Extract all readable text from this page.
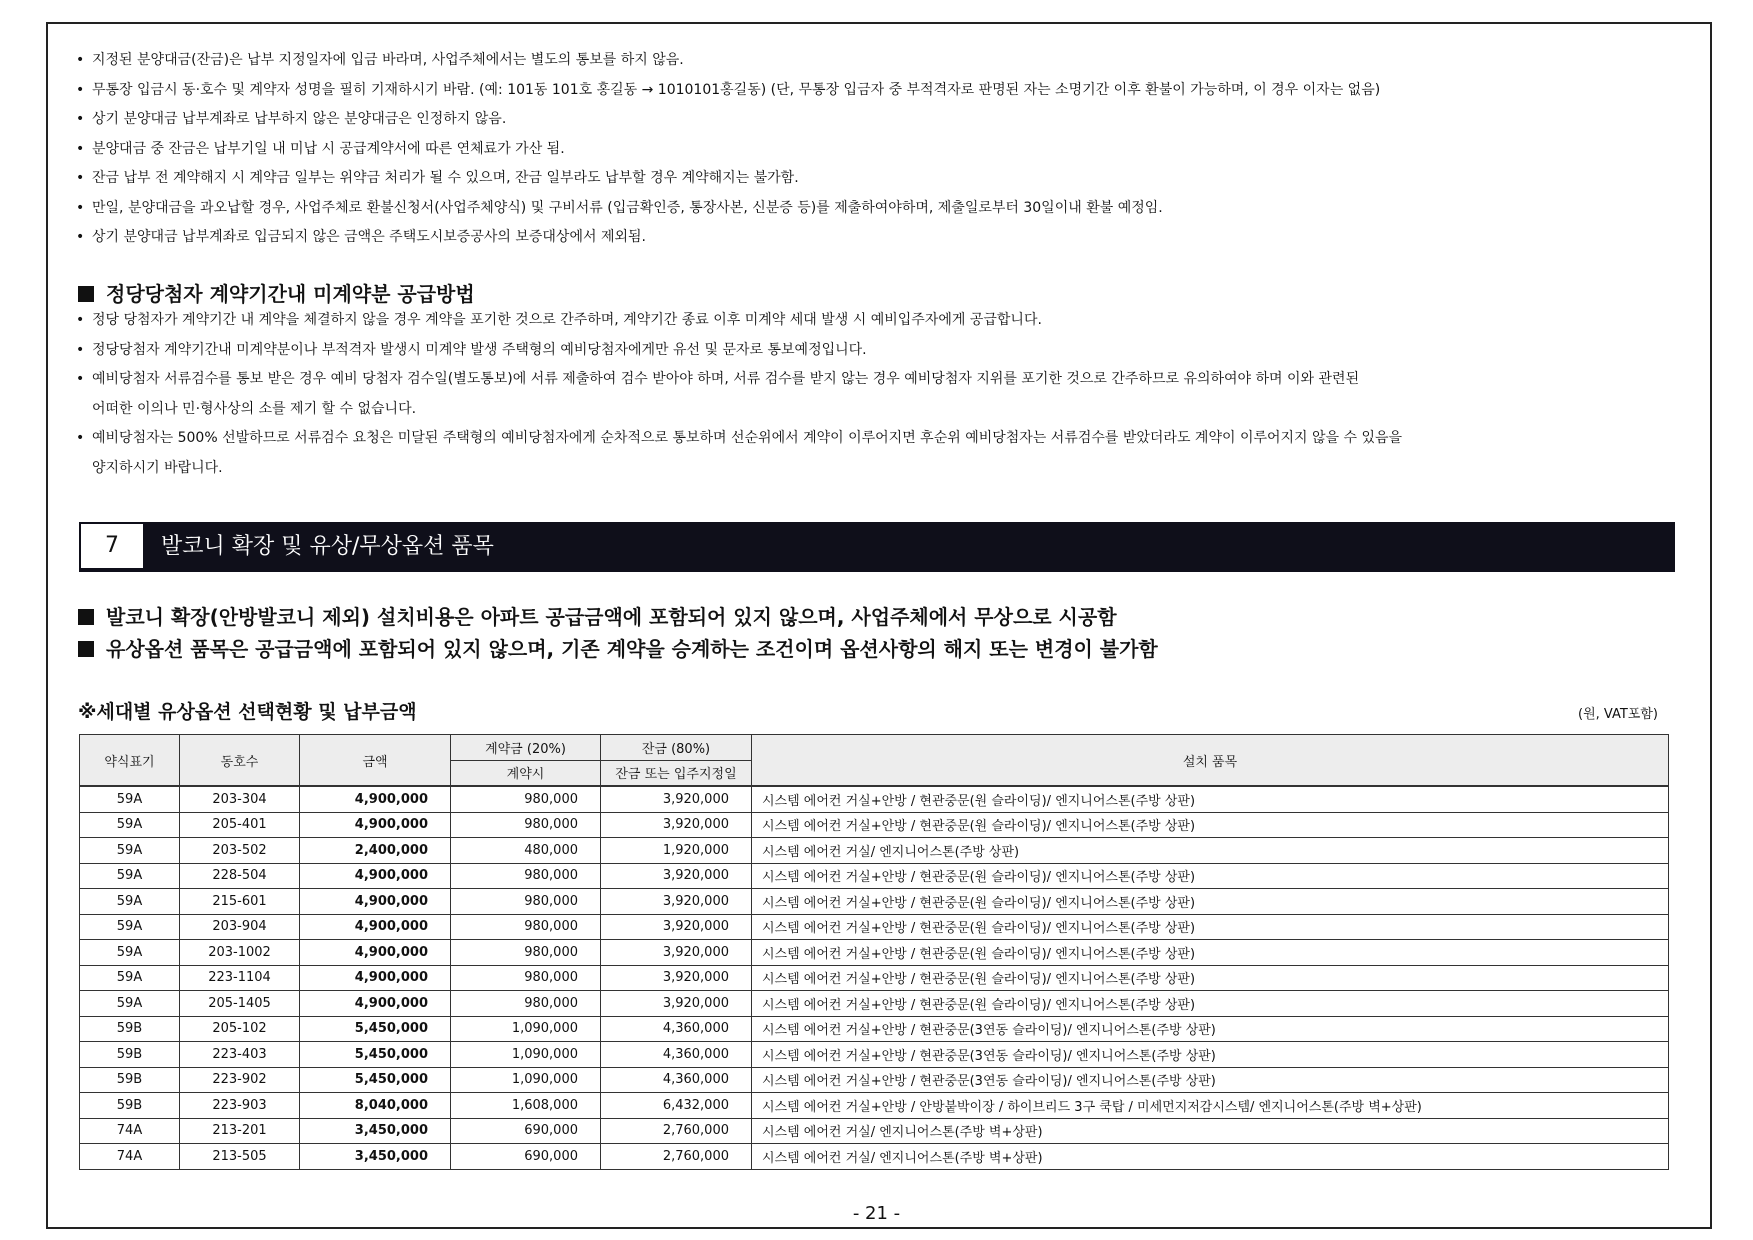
• 지정된 분양대금(잔금)은 납부 지정일자에 입금 바라며, 사업주체에서는 별도의 통보를 하지 않음.
• 무통장 입금시 동·호수 및 계약자 성명을 필히 기재하시기 바람. (예: 101동 101호 홍길동 → 1010101홍길동) (단, 무통장 입금자 중 부적격자로 판명된 자는 소명기간 이후 환불이 가능하며, 이 경우 이자는 없음)
• 상기 분양대금 납부계좌로 납부하지 않은 분양대금은 인정하지 않음.
• 분양대금 중 잔금은 납부기일 내 미납 시 공급계약서에 따른 연체료가 가산 됨.
• 잔금 납부 전 계약해지 시 계약금 일부는 위약금 처리가 될 수 있으며, 잔금 일부라도 납부할 경우 계약해지는 불가함.
• 만일, 분양대금을 과오납할 경우, 사업주체로 환불신청서(사업주체양식) 및 구비서류 (입금확인증, 통장사본, 신분증 등)를 제출하여야하며, 제출일로부터 30일이내 환불 예정임.
• 상기 분양대금 납부계좌로 입금되지 않은 금액은 주택도시보증공사의 보증대상에서 제외됨.
정당당첨자 계약기간내 미계약분 공급방법
• 정당 당첨자가 계약기간 내 계약을 체결하지 않을 경우 계약을 포기한 것으로 간주하며, 계약기간 종료 이후 미계약 세대 발생 시 예비입주자에게 공급합니다.
• 정당당첨자 계약기간내 미계약분이나 부적격자 발생시 미계약 발생 주택형의 예비당첨자에게만 유선 및 문자로 통보예정입니다.
• 예비당첨자 서류검수를 통보 받은 경우 예비 당첨자 검수일(별도통보)에 서류 제출하여 검수 받아야 하며, 서류 검수를 받지 않는 경우 예비당첨자 지위를 포기한 것으로 간주하므로 유의하여야 하며 이와 관련된
어떠한 이의나 민·형사상의 소를 제기 할 수 없습니다.
• 예비당첨자는 500% 선발하므로 서류검수 요청은 미달된 주택형의 예비당첨자에게 순차적으로 통보하며 선순위에서 계약이 이루어지면 후순위 예비당첨자는 서류검수를 받았더라도 계약이 이루어지지 않을 수 있음을
양지하시기 바랍니다.
7	발코니 확장 및 유상/무상옵션 품목
발코니 확장(안방발코니 제외) 설치비용은 아파트 공급금액에 포함되어 있지 않으며, 사업주체에서 무상으로 시공함
유상옵션 품목은 공급금액에 포함되어 있지 않으며, 기존 계약을 승계하는 조건이며 옵션사항의 해지 또는 변경이 불가함
※세대별 유상옵션 선택현황 및 납부금액	(원, VAT포함)
약식표기	동호수	금액	계약금 (20%)	잔금 (80%)	설치 품목
			계약시	잔금 또는 입주지정일	
59A	203-304	4,900,000	980,000	3,920,000	시스템 에어컨 거실+안방 / 현관중문(원 슬라이딩)/ 엔지니어스톤(주방 상판)
59A	205-401	4,900,000	980,000	3,920,000	시스템 에어컨 거실+안방 / 현관중문(원 슬라이딩)/ 엔지니어스톤(주방 상판)
59A	203-502	2,400,000	480,000	1,920,000	시스템 에어컨 거실/ 엔지니어스톤(주방 상판)
59A	228-504	4,900,000	980,000	3,920,000	시스템 에어컨 거실+안방 / 현관중문(원 슬라이딩)/ 엔지니어스톤(주방 상판)
59A	215-601	4,900,000	980,000	3,920,000	시스템 에어컨 거실+안방 / 현관중문(원 슬라이딩)/ 엔지니어스톤(주방 상판)
59A	203-904	4,900,000	980,000	3,920,000	시스템 에어컨 거실+안방 / 현관중문(원 슬라이딩)/ 엔지니어스톤(주방 상판)
59A	203-1002	4,900,000	980,000	3,920,000	시스템 에어컨 거실+안방 / 현관중문(원 슬라이딩)/ 엔지니어스톤(주방 상판)
59A	223-1104	4,900,000	980,000	3,920,000	시스템 에어컨 거실+안방 / 현관중문(원 슬라이딩)/ 엔지니어스톤(주방 상판)
59A	205-1405	4,900,000	980,000	3,920,000	시스템 에어컨 거실+안방 / 현관중문(원 슬라이딩)/ 엔지니어스톤(주방 상판)
59B	205-102	5,450,000	1,090,000	4,360,000	시스템 에어컨 거실+안방 / 현관중문(3연동 슬라이딩)/ 엔지니어스톤(주방 상판)
59B	223-403	5,450,000	1,090,000	4,360,000	시스템 에어컨 거실+안방 / 현관중문(3연동 슬라이딩)/ 엔지니어스톤(주방 상판)
59B	223-902	5,450,000	1,090,000	4,360,000	시스템 에어컨 거실+안방 / 현관중문(3연동 슬라이딩)/ 엔지니어스톤(주방 상판)
59B	223-903	8,040,000	1,608,000	6,432,000	시스템 에어컨 거실+안방 / 안방붙박이장 / 하이브리드 3구 쿡탑 / 미세먼지저감시스템/ 엔지니어스톤(주방 벽+상판)
74A	213-201	3,450,000	690,000	2,760,000	시스템 에어컨 거실/ 엔지니어스톤(주방 벽+상판)
74A	213-505	3,450,000	690,000	2,760,000	시스템 에어컨 거실/ 엔지니어스톤(주방 벽+상판)
- 21 -
